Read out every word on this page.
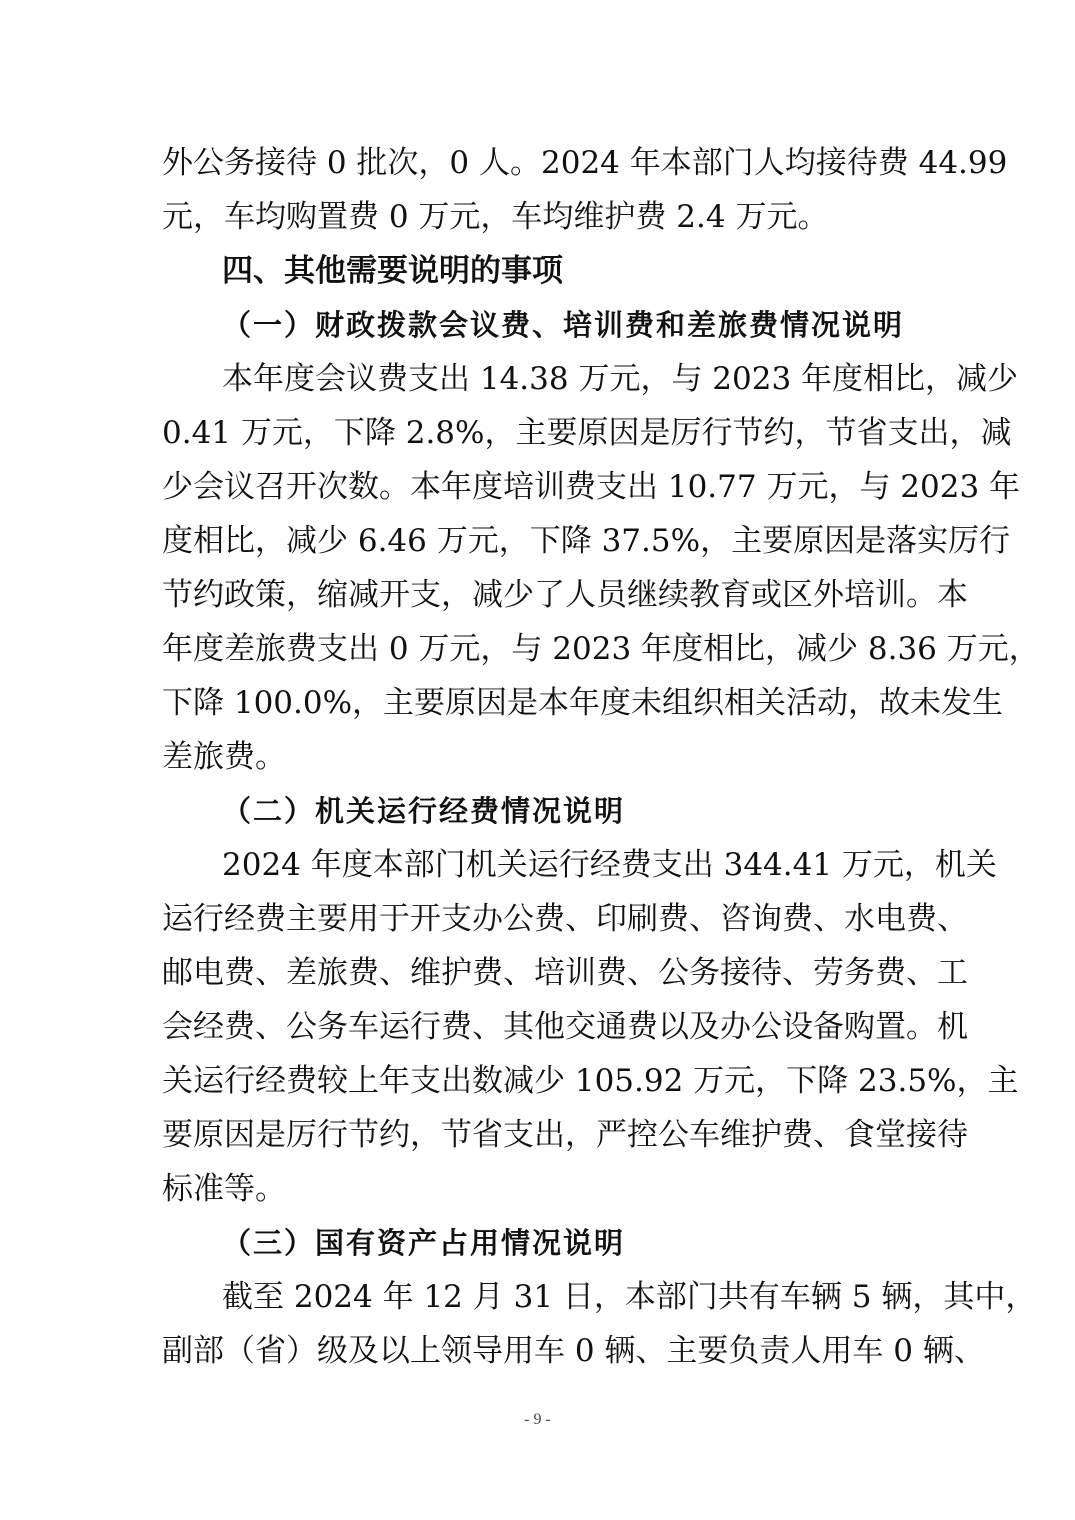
外公务接待 0 批次，0 人。2024 年本部门人均接待费 44.99
元，车均购置费 0 万元，车均维护费 2.4 万元。
四、其他需要说明的事项
（一）财政拨款会议费、培训费和差旅费情况说明
本年度会议费支出 14.38 万元，与 2023 年度相比，减少
0.41 万元，下降 2.8%，主要原因是厉行节约，节省支出，减
少会议召开次数。本年度培训费支出 10.77 万元，与 2023 年
度相比，减少 6.46 万元，下降 37.5%，主要原因是落实厉行
节约政策，缩减开支，减少了人员继续教育或区外培训。本
年度差旅费支出 0 万元，与 2023 年度相比，减少 8.36 万元，
下降 100.0%，主要原因是本年度未组织相关活动，故未发生
差旅费。
（二）机关运行经费情况说明
2024 年度本部门机关运行经费支出 344.41 万元，机关
运行经费主要用于开支办公费、印刷费、咨询费、水电费、
邮电费、差旅费、维护费、培训费、公务接待、劳务费、工
会经费、公务车运行费、其他交通费以及办公设备购置。机
关运行经费较上年支出数减少 105.92 万元，下降 23.5%，主
要原因是厉行节约，节省支出，严控公车维护费、食堂接待
标准等。
（三）国有资产占用情况说明
截至 2024 年 12 月 31 日，本部门共有车辆 5 辆，其中，
副部（省）级及以上领导用车 0 辆、主要负责人用车 0 辆、
- 9 -
